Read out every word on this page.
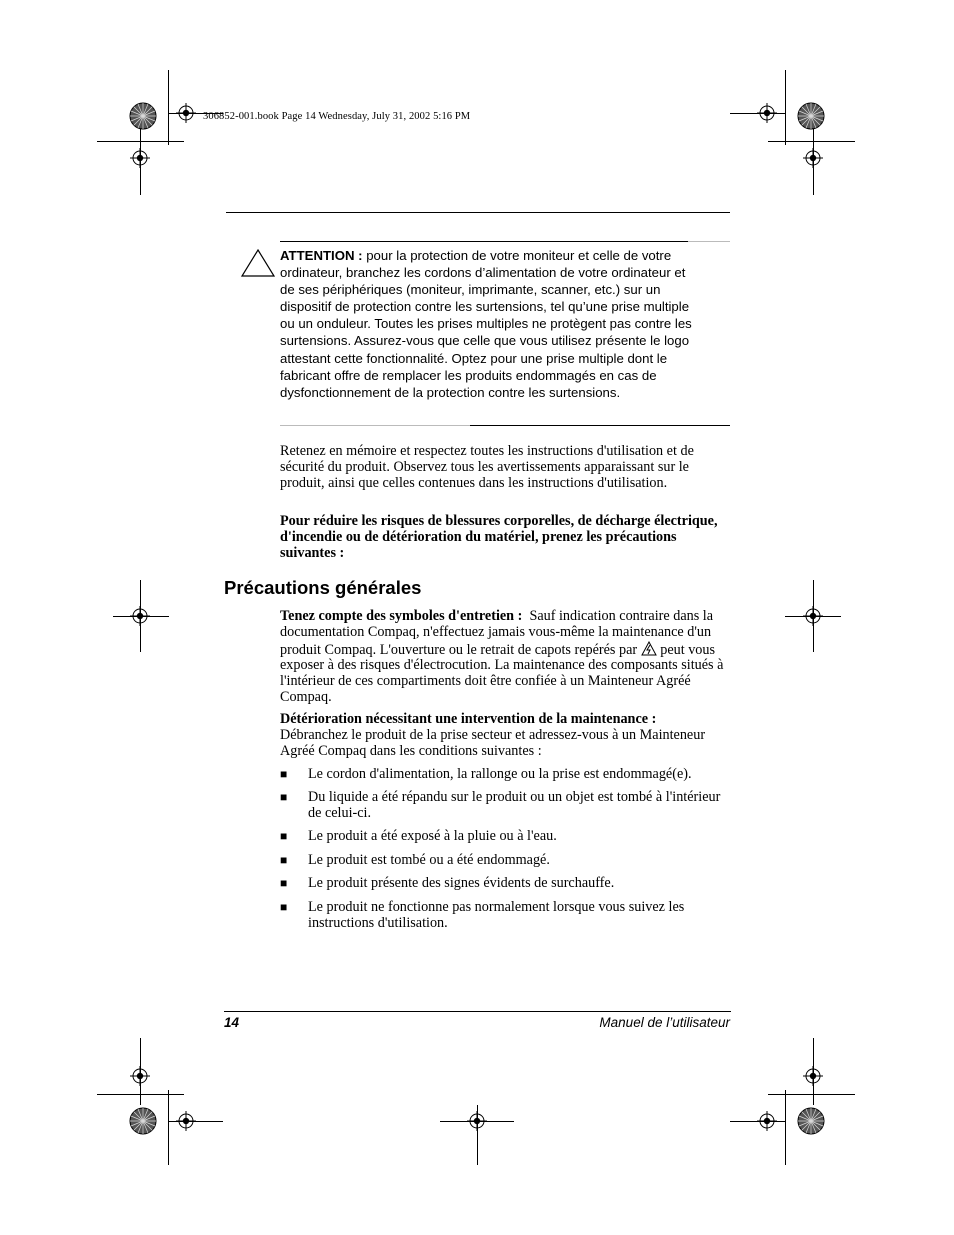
306852-001.book Page 14 Wednesday, July 31, 2002 5:16 PM
ATTENTION : pour la protection de votre moniteur et celle de votre ordinateur, branchez les cordons d’alimentation de votre ordinateur et de ses périphériques (moniteur, imprimante, scanner, etc.) sur un dispositif de protection contre les surtensions, tel qu’une prise multiple ou un onduleur. Toutes les prises multiples ne protègent pas contre les surtensions. Assurez-vous que celle que vous utilisez présente le logo attestant cette fonctionnalité. Optez pour une prise multiple dont le fabricant offre de remplacer les produits endommagés en cas de dysfonctionnement de la protection contre les surtensions.
Retenez en mémoire et respectez toutes les instructions d'utilisation et de sécurité du produit. Observez tous les avertissements apparaissant sur le produit, ainsi que celles contenues dans les instructions d'utilisation.
Pour réduire les risques de blessures corporelles, de décharge électrique, d'incendie ou de détérioration du matériel, prenez les précautions suivantes :
Précautions générales
Tenez compte des symboles d'entretien : Sauf indication contraire dans la documentation Compaq, n'effectuez jamais vous-même la maintenance d'un produit Compaq. L'ouverture ou le retrait de capots repérés par peut vous exposer à des risques d'électrocution. La maintenance des composants situés à l'intérieur de ces compartiments doit être confiée à un Mainteneur Agréé Compaq.
Détérioration nécessitant une intervention de la maintenance :
Débranchez le produit de la prise secteur et adressez-vous à un Mainteneur Agréé Compaq dans les conditions suivantes :
■ Le cordon d'alimentation, la rallonge ou la prise est endommagé(e).
■ Du liquide a été répandu sur le produit ou un objet est tombé à l'intérieur de celui-ci.
■ Le produit a été exposé à la pluie ou à l'eau.
■ Le produit est tombé ou a été endommagé.
■ Le produit présente des signes évidents de surchauffe.
■ Le produit ne fonctionne pas normalement lorsque vous suivez les instructions d'utilisation.
14	Manuel de l’utilisateur
